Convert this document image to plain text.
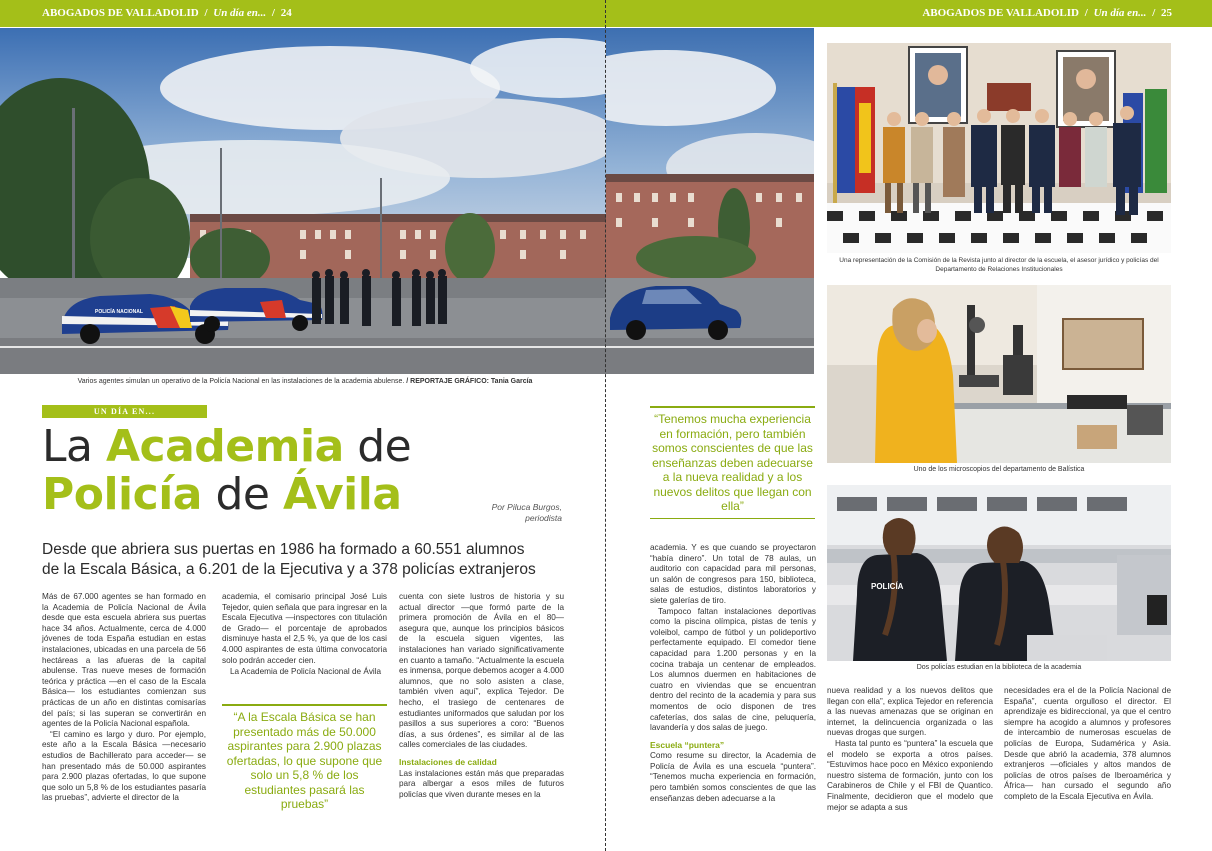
ABOGADOS DE VALLADOLID / Un día en... / 24
POLICÍA NACIONAL
Varios agentes simulan un operativo de la Policía Nacional en las instalaciones de la academia abulense. / REPORTAJE GRÁFICO: Tania García
UN DÍA EN...
La Academia de
Policía de Ávila	Por Piluca Burgos,
periodista
Desde que abriera sus puertas en 1986 ha formado a 60.551 alumnos
de la Escala Básica, a 6.201 de la Ejecutiva y a 378 policías extranjeros

Más de 67.000 agentes se han formado en la Academia de Policía Nacional de Ávila desde que esta escuela abriera sus puertas hace 34 años. Actualmente, cerca de 4.000 jóvenes de toda España estudian en estas instalaciones, ubicadas en una parcela de 56 hectáreas a las afueras de la capital abulense. Tras nueve meses de formación teórica y práctica —en el caso de la Escala Básica— los estudiantes comienzan sus prácticas de un año en distintas comisarías del país; si las superan se convertirán en agentes de la Policía Nacional española.

“El camino es largo y duro. Por ejemplo, este año a la Escala Básica —necesario estudios de Bachillerato para acceder— se han presentado más de 50.000 aspirantes para 2.900 plazas ofertadas, lo que supone que solo un 5,8 % de los estudiantes pasaría las pruebas”, advierte el director de la

academia, el comisario principal José Luis Tejedor, quien señala que para ingresar en la Escala Ejecutiva —inspectores con titulación de Grado— el porcentaje de aprobados disminuye hasta el 2,5 %, ya que de los casi 4.000 aspirantes de esta última convocatoria solo podrán acceder cien.

La Academia de Policía Nacional de Ávila

“A la Escala Básica se han presentado más de 50.000 aspirantes para 2.900 plazas ofertadas, lo que supone que solo un 5,8 % de los estudiantes pasará las pruebas”

cuenta con siete lustros de historia y su actual director —que formó parte de la primera promoción de Ávila en el 80— asegura que, aunque los principios básicos de la escuela siguen vigentes, las instalaciones han variado significativamente en cuanto a tamaño. “Actualmente la escuela es inmensa, porque debemos acoger a 4.000 alumnos, que no solo asisten a clase, también viven aquí”, explica Tejedor. De hecho, el trasiego de centenares de estudiantes uniformados que saludan por los pasillos a sus superiores a coro: “Buenos días, a sus órdenes”, es similar al de las calles comerciales de las ciudades.

Instalaciones de calidad

Las instalaciones están más que preparadas para albergar a esos miles de futuros policías que viven durante meses en la

ABOGADOS DE VALLADOLID / Un día en... / 25
“Tenemos mucha experiencia en formación, pero también somos conscientes de que las enseñanzas deben adecuarse a la nueva realidad y a los nuevos delitos que llegan con ella”

academia. Y es que cuando se proyectaron “había dinero”. Un total de 78 aulas, un auditorio con capacidad para mil personas, un salón de congresos para 150, biblioteca, salas de estudios, distintos laboratorios y siete galerías de tiro.

Tampoco faltan instalaciones deportivas como la piscina olímpica, pistas de tenis y voleibol, campo de fútbol y un polideportivo perfectamente equipado. El comedor tiene capacidad para 1.200 personas y en la cocina trabaja un centenar de empleados. Los alumnos duermen en habitaciones de cuatro en viviendas que se encuentran dentro del recinto de la academia y para sus momentos de ocio disponen de tres cafeterías, dos salas de cine, peluquería, lavandería y dos salas de juego.

Escuela “puntera”

Como resume su director, la Academia de Policía de Ávila es una escuela “puntera”. “Tenemos mucha experiencia en formación, pero también somos conscientes de que las enseñanzas deben adecuarse a la

Una representación de la Comisión de la Revista junto al director de la escuela, el asesor jurídico y policías del Departamento de Relaciones Institucionales
Uno de los microscopios del departamento de Balística
POLICÍA
Dos policías estudian en la biblioteca de la academia

nueva realidad y a los nuevos delitos que llegan con ella”, explica Tejedor en referencia a las nuevas amenazas que se originan en internet, la delincuencia organizada o las nuevas drogas que surgen.

Hasta tal punto es “puntera” la escuela que el modelo se exporta a otros países. “Estuvimos hace poco en México exponiendo nuestro sistema de formación, junto con los Carabineros de Chile y el FBI de Quantico. Finalmente, decidieron que el modelo que mejor se adapta a sus

necesidades era el de la Policía Nacional de España”, cuenta orgulloso el director. El aprendizaje es bidireccional, ya que el centro siempre ha acogido a alumnos y profesores de intercambio de numerosas escuelas de policías de Europa, Sudamérica y Asia. Desde que abrió la academia, 378 alumnos extranjeros —oficiales y altos mandos de policías de otros países de Iberoamérica y África— han cursado el segundo año completo de la Escala Ejecutiva en Ávila.
